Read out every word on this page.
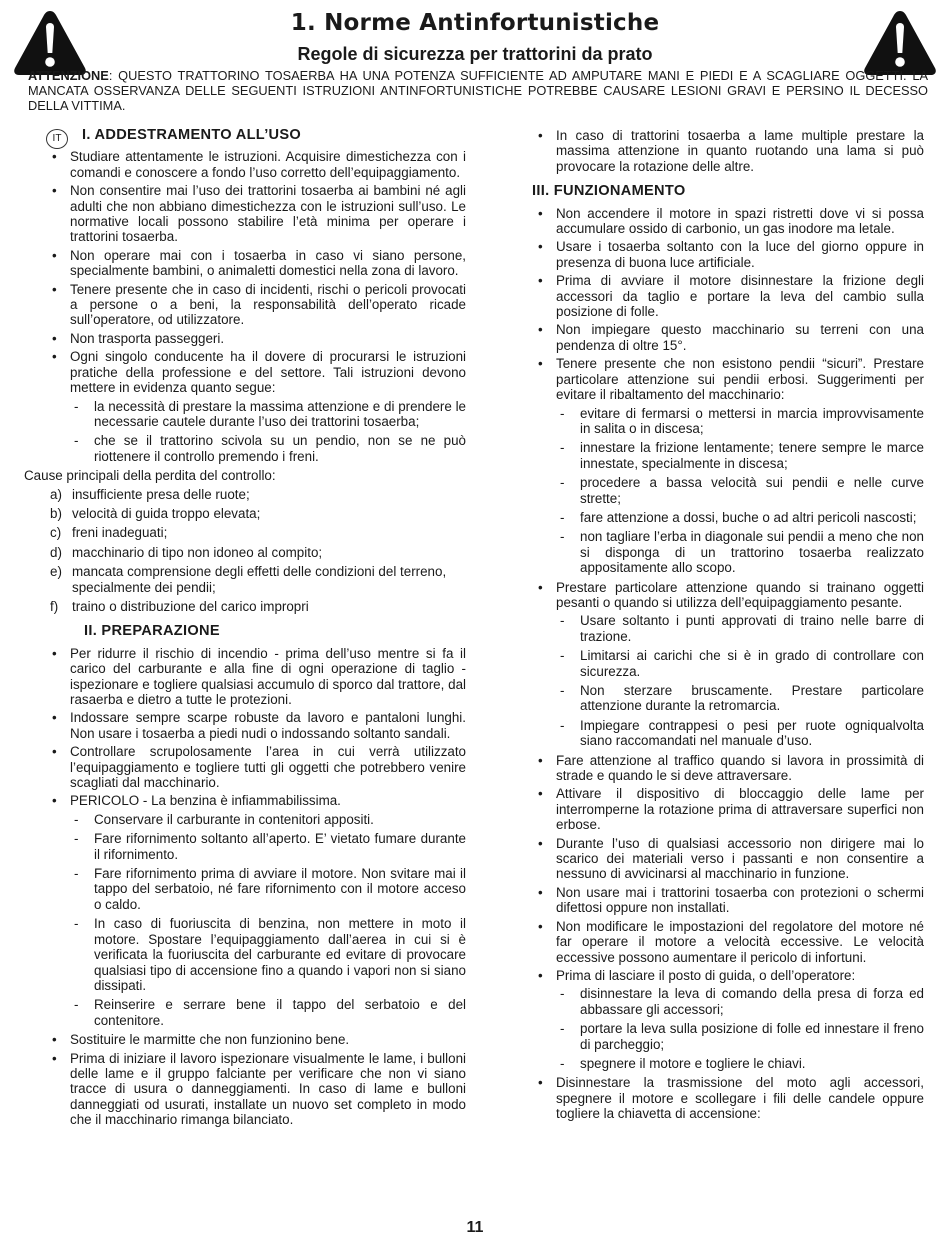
1. Norme Antinfortunistiche
Regole di sicurezza per trattorini da prato
ATTENZIONE: QUESTO TRATTORINO TOSAERBA HA UNA POTENZA SUFFICIENTE AD AMPUTARE MANI E PIEDI E A SCAGLIARE OGGETTI. LA MANCATA OSSERVANZA DELLE SEGUENTI ISTRUZIONI ANTINFORTUNISTICHE POTREBBE CAUSARE LESIONI GRAVI E PERSINO IL DECESSO DELLA VITTIMA.
IT	I. ADDESTRAMENTO ALL’USO
• Studiare attentamente le istruzioni. Acquisire dimestichezza con i comandi e conoscere a fondo l’uso corretto dell’equipaggiamento.
• Non consentire mai l’uso dei trattorini tosaerba ai bambini né agli adulti che non abbiano dimestichezza con le istruzioni sull’uso. Le normative locali possono stabilire l’età minima per operare i trattorini tosaerba.
• Non operare mai con i tosaerba in caso vi siano persone, specialmente bambini, o animaletti domestici nella zona di lavoro.
• Tenere presente che in caso di incidenti, rischi o pericoli provocati a persone o a beni, la responsabilità dell’operato ricade sull’operatore, od utilizzatore.
• Non trasporta passeggeri.
• Ogni singolo conducente ha il dovere di procurarsi le istruzioni pratiche della professione e del settore. Tali istruzioni devono mettere in evidenza quanto segue:
- la necessità di prestare la massima attenzione e di prendere le necessarie cautele durante l’uso dei trattorini tosaerba;
- che se il trattorino scivola su un pendio, non se ne può riottenere il controllo premendo i freni.
Cause principali della perdita del controllo:
a) insufficiente presa delle ruote;
b) velocità di guida troppo elevata;
c) freni inadeguati;
d) macchinario di tipo non idoneo al compito;
e) mancata comprensione degli effetti delle condizioni del terreno, specialmente dei pendii;
f) traino o distribuzione del carico impropri
II. PREPARAZIONE
• Per ridurre il rischio di incendio - prima dell’uso mentre si fa il carico del carburante e alla fine di ogni operazione di taglio - ispezionare e togliere qualsiasi accumulo di sporco dal trattore, dal rasaerba e dietro a tutte le protezioni.
• Indossare sempre scarpe robuste da lavoro e pantaloni lunghi. Non usare i tosaerba a piedi nudi o indossando soltanto sandali.
• Controllare scrupolosamente l’area in cui verrà utilizzato l’equipaggiamento e togliere tutti gli oggetti che potrebbero venire scagliati dal macchinario.
• PERICOLO - La benzina è infiammabilissima.
- Conservare il carburante in contenitori appositi.
- Fare rifornimento soltanto all’aperto. E’ vietato fumare durante il rifornimento.
- Fare rifornimento prima di avviare il motore. Non svitare mai il tappo del serbatoio, né fare rifornimento con il motore acceso o caldo.
- In caso di fuoriuscita di benzina, non mettere in moto il motore. Spostare l’equipaggiamento dall’aerea in cui si è verificata la fuoriuscita del carburante ed evitare di provocare qualsiasi tipo di accensione fino a quando i vapori non si siano dissipati.
- Reinserire e serrare bene il tappo del serbatoio e del contenitore.
• Sostituire le marmitte che non funzionino bene.
• Prima di iniziare il lavoro ispezionare visualmente le lame, i bulloni delle lame e il gruppo falciante per verificare che non vi siano tracce di usura o danneggiamenti. In caso di lame e bulloni danneggiati od usurati, installate un nuovo set completo in modo che il macchinario rimanga bilanciato.
• In caso di trattorini tosaerba a lame multiple prestare la massima attenzione in quanto ruotando una lama si può provocare la rotazione delle altre.
III. FUNZIONAMENTO
• Non accendere il motore in spazi ristretti dove vi si possa accumulare ossido di carbonio, un gas inodore ma letale.
• Usare i tosaerba soltanto con la luce del giorno oppure in presenza di buona luce artificiale.
• Prima di avviare il motore disinnestare la frizione degli accessori da taglio e portare la leva del cambio sulla posizione di folle.
• Non impiegare questo macchinario su terreni con una pendenza di oltre 15°.
• Tenere presente che non esistono pendii “sicuri”. Prestare particolare attenzione sui pendii erbosi. Suggerimenti per evitare il ribaltamento del macchinario:
- evitare di fermarsi o mettersi in marcia improvvisamente in salita o in discesa;
- innestare la frizione lentamente; tenere sempre le marce innestate, specialmente in discesa;
- procedere a bassa velocità sui pendii e nelle curve strette;
- fare attenzione a dossi, buche o ad altri pericoli nascosti;
- non tagliare l’erba in diagonale sui pendii a meno che non si disponga di un trattorino tosaerba realizzato appositamente allo scopo.
• Prestare particolare attenzione quando si trainano oggetti pesanti o quando si utilizza dell’equipaggiamento pesante.
- Usare soltanto i punti approvati di traino nelle barre di trazione.
- Limitarsi ai carichi che si è in grado di controllare con sicurezza.
- Non sterzare bruscamente. Prestare particolare attenzione durante la retromarcia.
- Impiegare contrappesi o pesi per ruote ogniqualvolta siano raccomandati nel manuale d’uso.
• Fare attenzione al traffico quando si lavora in prossimità di strade e quando le si deve attraversare.
• Attivare il dispositivo di bloccaggio delle lame per interromperne la rotazione prima di attraversare superfici non erbose.
• Durante l’uso di qualsiasi accessorio non dirigere mai lo scarico dei materiali verso i passanti e non consentire a nessuno di avvicinarsi al macchinario in funzione.
• Non usare mai i trattorini tosaerba con protezioni o schermi difettosi oppure non installati.
• Non modificare le impostazioni del regolatore del motore né far operare il motore a velocità eccessive. Le velocità eccessive possono aumentare il pericolo di infortuni.
• Prima di lasciare il posto di guida, o dell’operatore:
- disinnestare la leva di comando della presa di forza ed abbassare gli accessori;
- portare la leva sulla posizione di folle ed innestare il freno di parcheggio;
- spegnere il motore e togliere le chiavi.
• Disinnestare la trasmissione del moto agli accessori, spegnere il motore e scollegare i fili delle candele oppure togliere la chiavetta di accensione:
11
